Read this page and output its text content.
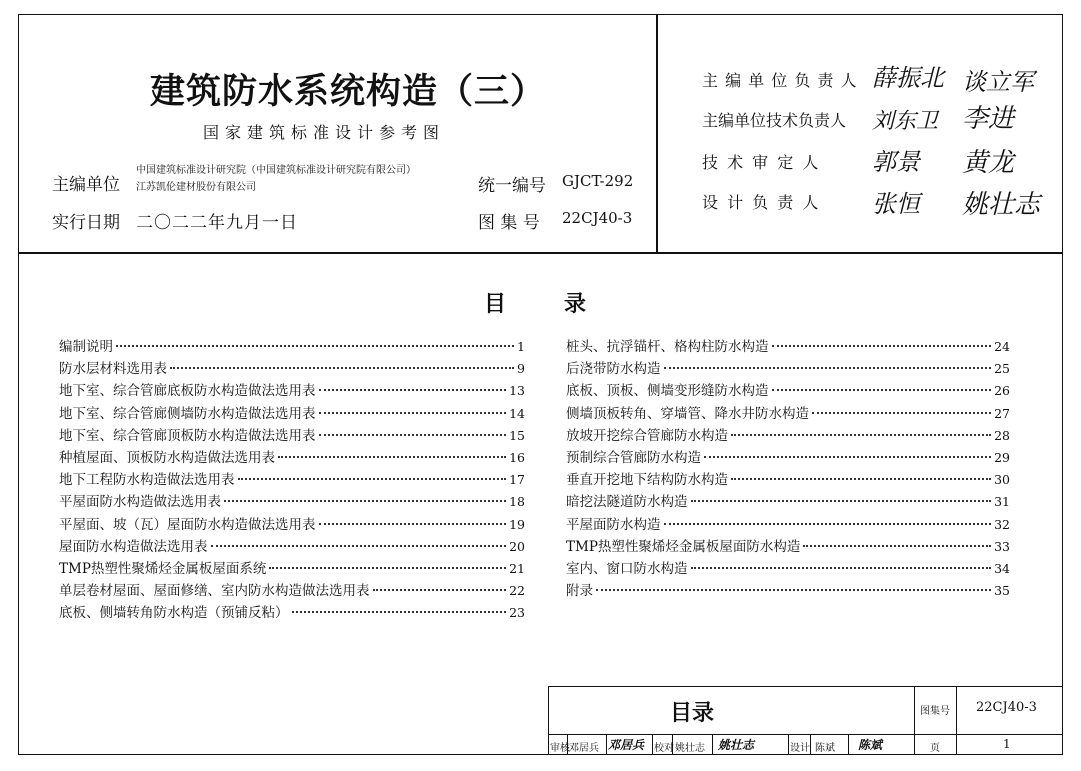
建筑防水系统构造（三）
国家建筑标准设计参考图
主编单位
中国建筑标准设计研究院（中国建筑标准设计研究院有限公司）
江苏凯伦建材股份有限公司	统一编号 GJCT-292
实行日期 二〇二二年九月一日	图 集 号 22CJ40-3
主 编 单 位 负 责 人 薛振北 谈立军
主编单位技术负责人 刘东卫 李进
技 术 审 定 人 郭景 黄龙
设 计 负 责 人 张恒 姚壮志
目	录
编制说明	1
防水层材料选用表	9
地下室、综合管廊底板防水构造做法选用表	13
地下室、综合管廊侧墙防水构造做法选用表	14
地下室、综合管廊顶板防水构造做法选用表	15
种植屋面、顶板防水构造做法选用表	16
地下工程防水构造做法选用表	17
平屋面防水构造做法选用表	18
平屋面、坡（瓦）屋面防水构造做法选用表	19
屋面防水构造做法选用表	20
TMP热塑性聚烯烃金属板屋面系统	21
单层卷材屋面、屋面修缮、室内防水构造做法选用表	22
底板、侧墙转角防水构造（预铺反粘）	23
桩头、抗浮锚杆、格构柱防水构造	24
后浇带防水构造	25
底板、顶板、侧墙变形缝防水构造	26
侧墙顶板转角、穿墙管、降水井防水构造	27
放坡开挖综合管廊防水构造	28
预制综合管廊防水构造	29
垂直开挖地下结构防水构造	30
暗挖法隧道防水构造	31
平屋面防水构造	32
TMP热塑性聚烯烃金属板屋面防水构造	33
室内、窗口防水构造	34
附录	35
目录	图集号 22CJ40-3
页	1
审核 邓居兵 邓居兵 校对 姚壮志 姚壮志	设计 陈斌 陈斌
